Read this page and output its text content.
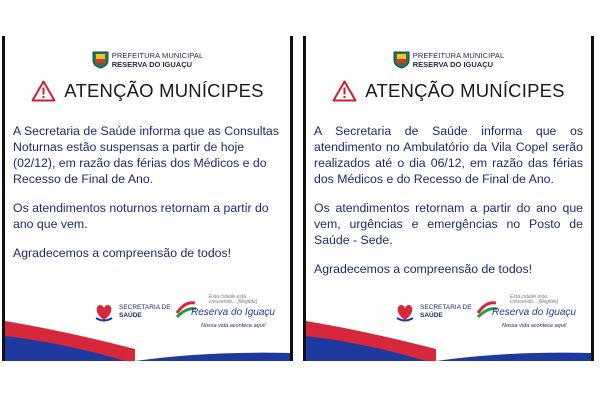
PREFEITURA MUNICIPAL
RESERVA DO IGUAÇU
ATENÇÃO MUNÍCIPES

A Secretaria de Saúde informa que as Consultas Noturnas estão suspensas a partir de hoje (02/12), em razão das férias dos Médicos e do Recesso de Final de Ano.

Os atendimentos noturnos retornam a partir do ano que vem.

Agradecemos a compreensão de todos!

SECRETARIA DE
SAÚDE
Esta cidade está crescendo... [illegible]
Reserva do Iguaçu
Nossa vida acontece aqui!
PREFEITURA MUNICIPAL
RESERVA DO IGUAÇU
ATENÇÃO MUNÍCIPES

A Secretaria de Saúde informa que os atendimento no Ambulatório da Vila Copel serão realizados até o dia 06/12, em razão das férias dos Médicos e do Recesso de Final de Ano.

Os atendimentos retornam a partir do ano que vem, urgências e emergências no Posto de Saúde - Sede.

Agradecemos a compreensão de todos!

SECRETARIA DE
SAÚDE
Esta cidade está crescendo... [illegible]
Reserva do Iguaçu
Nossa vida acontece aqui!
